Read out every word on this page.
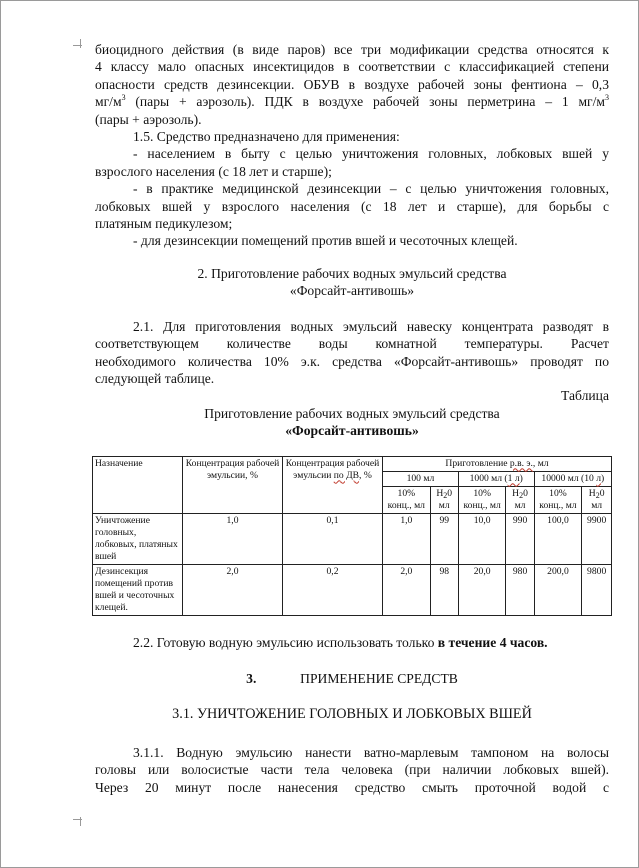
биоцидного действия (в виде паров) все три модификации средства относятся к

4 классу мало опасных инсектицидов в соответствии с классификацией степени

опасности средств дезинсекции. ОБУВ в воздухе рабочей зоны фентиона – 0,3

$мг/м^3$ (пары + аэрозоль). ПДК в воздухе рабочей зоны перметрина – 1 $мг/м^3$

(пары + аэрозоль).

1.5. Средство предназначено для применения:

- населением в быту с целью уничтожения головных, лобковых вшей у

взрослого населения (с 18 лет и старше);

- в практике медицинской дезинсекции – с целью уничтожения головных,

лобковых вшей у взрослого населения (с 18 лет и старше), для борьбы с

платяным педикулезом;

- для дезинсекции помещений против вшей и чесоточных клещей.

2. Приготовление рабочих водных эмульсий средства

«Форсайт-антивошь»

2.1. Для приготовления водных эмульсий навеску концентрата разводят в

соответствующем количестве воды комнатной температуры. Расчет

необходимого количества 10% э.к. средства «Форсайт-антивошь» проводят по

следующей таблице.

Таблица

Приготовление рабочих водных эмульсий средства

«Форсайт-антивошь»

Назначение	Концентрация рабочей эмульсии, %	Концентрация рабочей эмульсии по ДВ, %	Приготовление р.в. э., мл					
			100 мл		1000 мл (1 л)		10000 мл (10 л)	
			10% конц., мл	$H_20$ мл	10% конц., мл	$H_20$ мл	10% конц., мл	$H_20$ мл
Уничтожение головных, лобковых, платяных вшей	1,0	0,1	1,0	99	10,0	990	100,0	9900
Дезинсекция помещений против вшей и чесоточных клещей.	2,0	0,2	2,0	98	20,0	980	200,0	9800

2.2. Готовую водную эмульсию использовать только в течение 4 часов.

3.	ПРИМЕНЕНИЕ СРЕДСТВ

3.1. УНИЧТОЖЕНИЕ ГОЛОВНЫХ И ЛОБКОВЫХ ВШЕЙ

3.1.1. Водную эмульсию нанести ватно-марлевым тампоном на волосы

головы или волосистые части тела человека (при наличии лобковых вшей).

Через 20 минут после нанесения средство смыть проточной водой с
